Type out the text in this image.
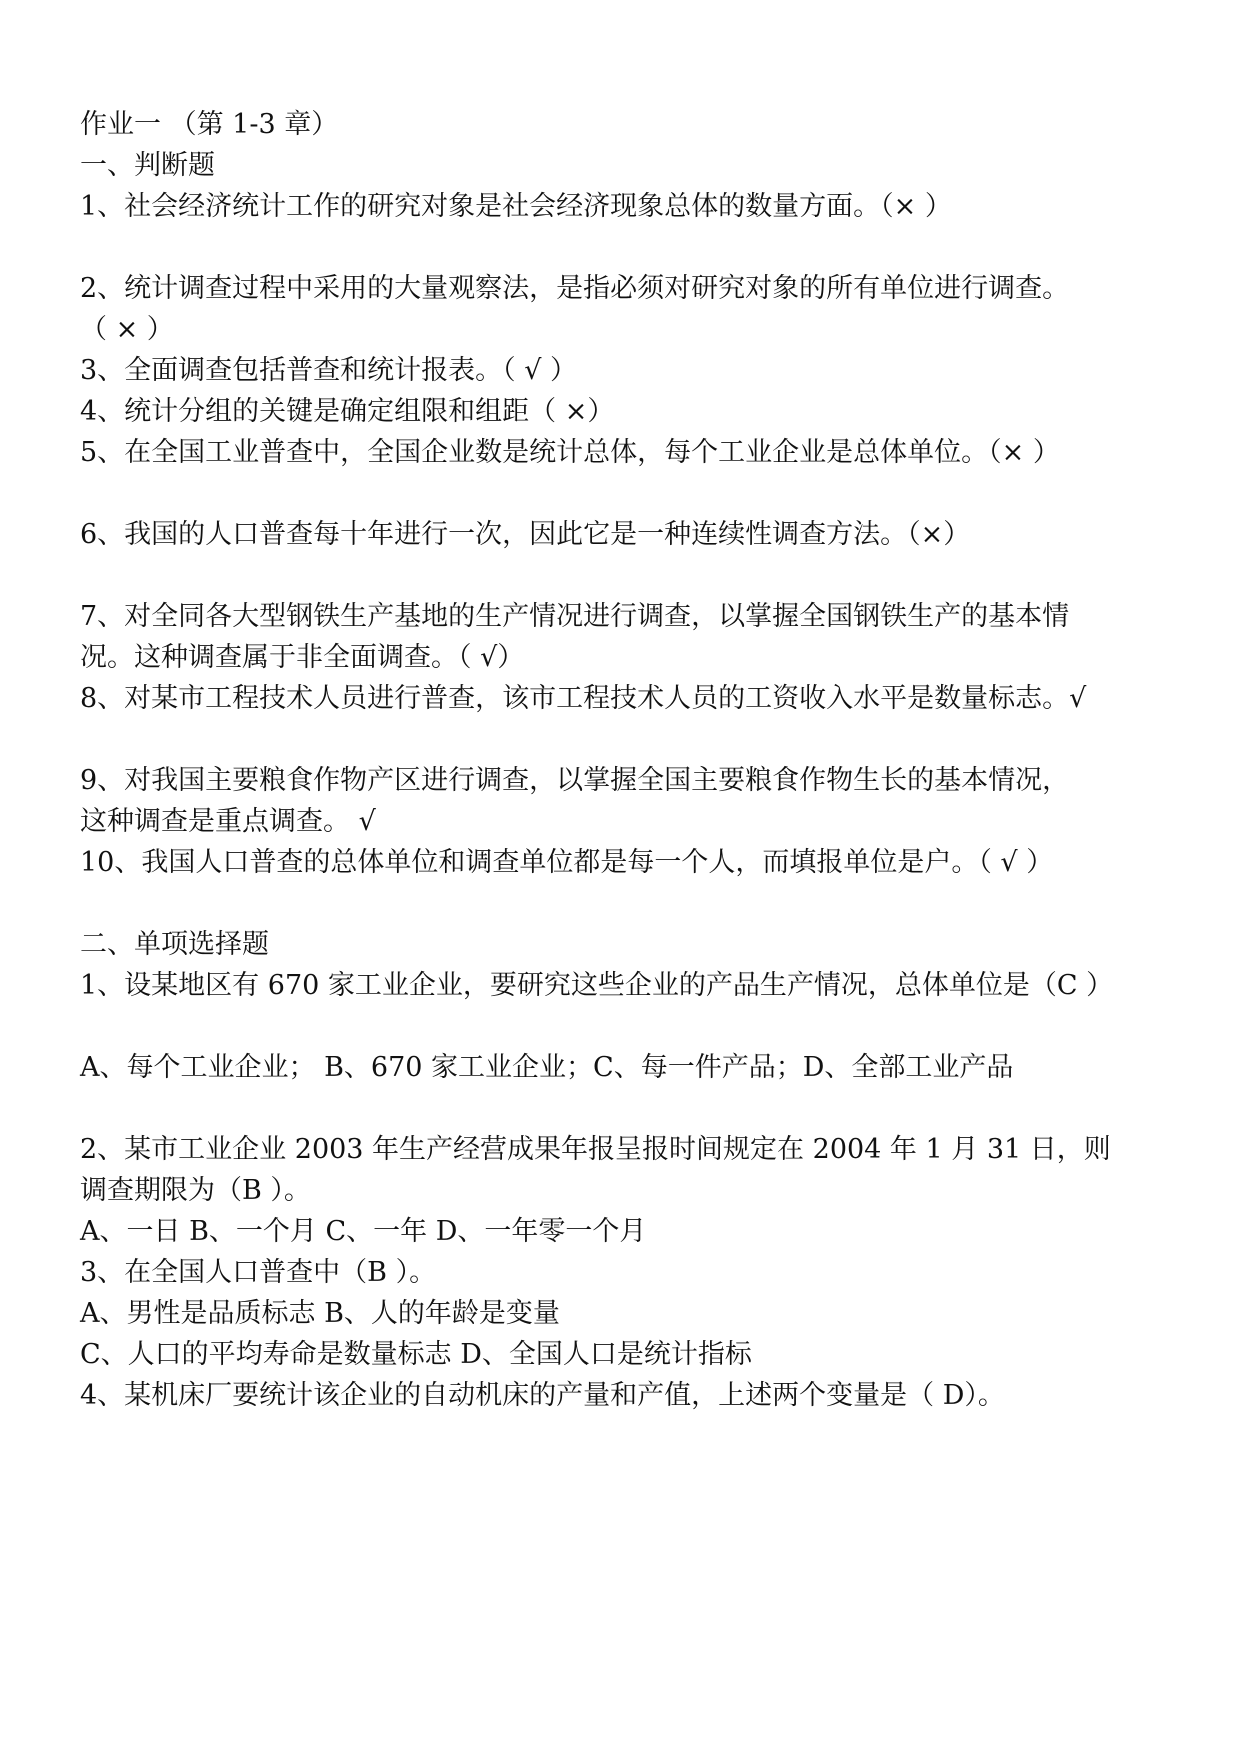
作业一 （第 1-3 章）

一、判断题

1、社会经济统计工作的研究对象是社会经济现象总体的数量方面。（× ）

2、统计调查过程中采用的大量观察法，是指必须对研究对象的所有单位进行调查。

（ × ）

3、全面调查包括普查和统计报表。（ √ ）

4、统计分组的关键是确定组限和组距（ ×）

5、在全国工业普查中，全国企业数是统计总体，每个工业企业是总体单位。（× ）

6、我国的人口普查每十年进行一次，因此它是一种连续性调查方法。（×）

7、对全同各大型钢铁生产基地的生产情况进行调查，以掌握全国钢铁生产的基本情

况。这种调查属于非全面调查。（ √）

8、对某市工程技术人员进行普查，该市工程技术人员的工资收入水平是数量标志。√

9、对我国主要粮食作物产区进行调查，以掌握全国主要粮食作物生长的基本情况，

这种调查是重点调查。 √

10、我国人口普查的总体单位和调查单位都是每一个人，而填报单位是户。（ √ ）

二、单项选择题

1、设某地区有 670 家工业企业，要研究这些企业的产品生产情况，总体单位是（C ）

A、每个工业企业； B、670 家工业企业；C、每一件产品；D、全部工业产品

2、某市工业企业 2003 年生产经营成果年报呈报时间规定在 2004 年 1 月 31 日，则

调查期限为（B ）。

A、一日 B、一个月 C、一年 D、一年零一个月

3、在全国人口普查中（B ）。

A、男性是品质标志 B、人的年龄是变量

C、人口的平均寿命是数量标志 D、全国人口是统计指标

4、某机床厂要统计该企业的自动机床的产量和产值，上述两个变量是（ D）。
